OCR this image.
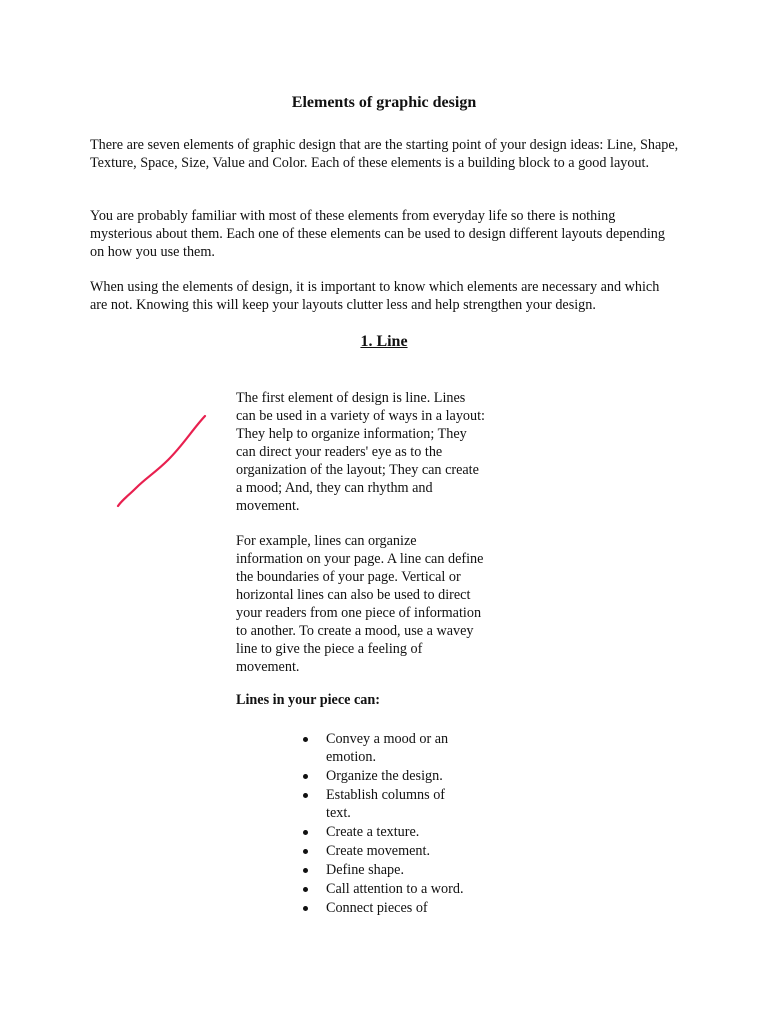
Elements of graphic design

There are seven elements of graphic design that are the starting point of your design ideas: Line, Shape, Texture, Space, Size, Value and Color. Each of these elements is a building block to a good layout.

You are probably familiar with most of these elements from everyday life so there is nothing mysterious about them. Each one of these elements can be used to design different layouts depending on how you use them.

When using the elements of design, it is important to know which elements are necessary and which are not. Knowing this will keep your layouts clutter less and help strengthen your design.

1. Line

The first element of design is line. Lines can be used in a variety of ways in a layout: They help to organize information; They can direct your readers' eye as to the organization of the layout; They can create a mood; And, they can rhythm and movement.

For example, lines can organize information on your page. A line can define the boundaries of your page. Vertical or horizontal lines can also be used to direct your readers from one piece of information to another. To create a mood, use a wavey line to give the piece a feeling of movement.

Lines in your piece can:

Convey a mood or an emotion.
Organize the design.
Establish columns of text.
Create a texture.
Create movement.
Define shape.
Call attention to a word.
Connect pieces of
